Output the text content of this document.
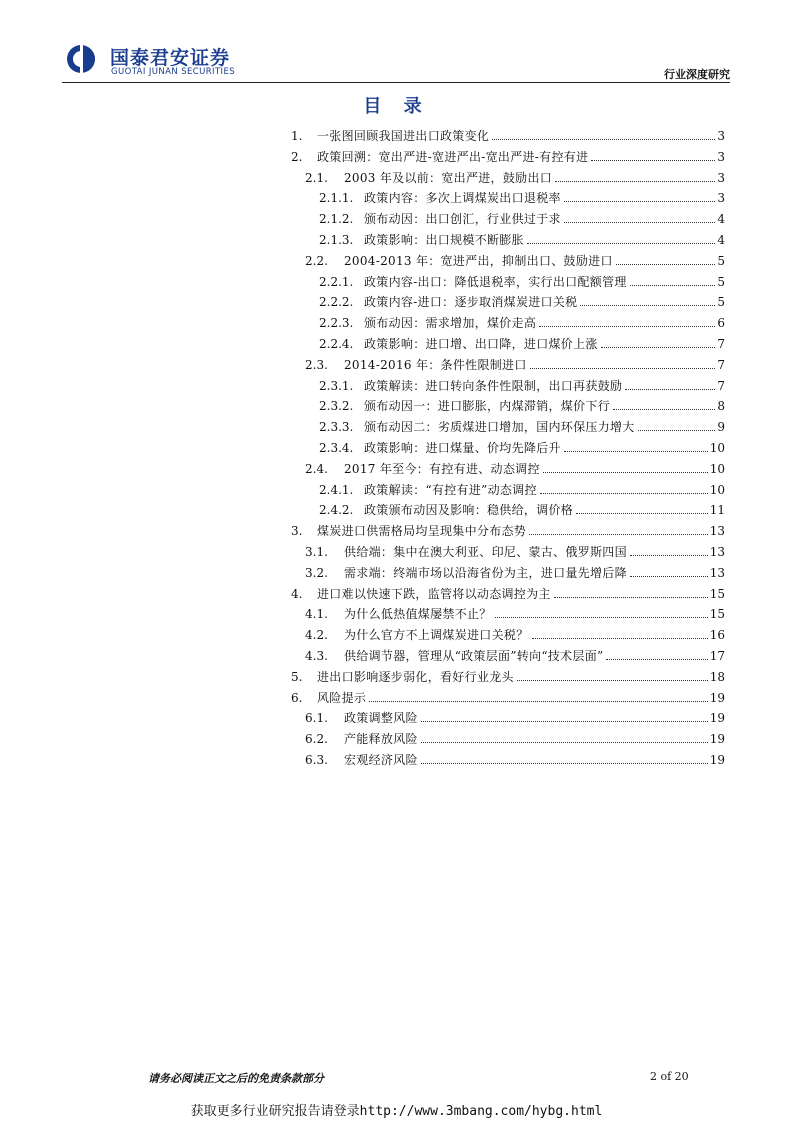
国泰君安证券
GUOTAI JUNAN SECURITIES	行业深度研究
目 录
1.	一张图回顾我国进出口政策变化	3
2.	政策回溯：宽出严进-宽进严出-宽出严进-有控有进	3
2.1.	2003 年及以前：宽出严进，鼓励出口	3
2.1.1. 政策内容：多次上调煤炭出口退税率	3
2.1.2. 颁布动因：出口创汇，行业供过于求	4
2.1.3. 政策影响：出口规模不断膨胀	4
2.2.	2004-2013 年：宽进严出，抑制出口、鼓励进口	5
2.2.1. 政策内容-出口：降低退税率，实行出口配额管理	5
2.2.2. 政策内容-进口：逐步取消煤炭进口关税	5
2.2.3. 颁布动因：需求增加，煤价走高	6
2.2.4. 政策影响：进口增、出口降，进口煤价上涨	7
2.3.	2014-2016 年：条件性限制进口	7
2.3.1. 政策解读：进口转向条件性限制，出口再获鼓励	7
2.3.2. 颁布动因一：进口膨胀，内煤滞销，煤价下行	8
2.3.3. 颁布动因二：劣质煤进口增加，国内环保压力增大	9
2.3.4. 政策影响：进口煤量、价均先降后升	10
2.4.	2017 年至今：有控有进、动态调控	10
2.4.1. 政策解读：“有控有进”动态调控	10
2.4.2. 政策颁布动因及影响：稳供给，调价格	11
3.	煤炭进口供需格局均呈现集中分布态势	13
3.1.	供给端：集中在澳大利亚、印尼、蒙古、俄罗斯四国	13
3.2.	需求端：终端市场以沿海省份为主，进口量先增后降	13
4.	进口难以快速下跌，监管将以动态调控为主	15
4.1.	为什么低热值煤屡禁不止？	15
4.2.	为什么官方不上调煤炭进口关税？	16
4.3.	供给调节器，管理从“政策层面”转向“技术层面”	17
5.	进出口影响逐步弱化，看好行业龙头	18
6.	风险提示	19
6.1.	政策调整风险	19
6.2.	产能释放风险	19
6.3.	宏观经济风险	19
请务必阅读正文之后的免责条款部分	2 of 20
获取更多行业研究报告请登录http://www.3mbang.com/hybg.html
